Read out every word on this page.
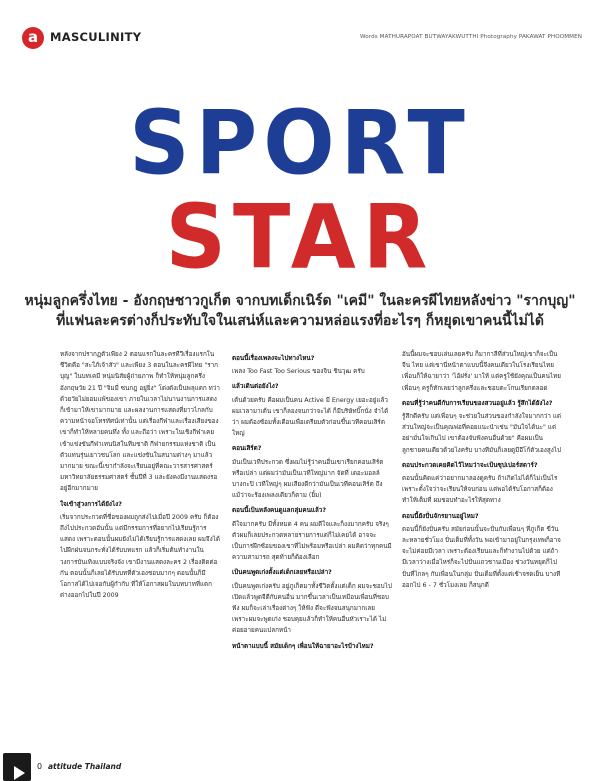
a	MASCULINITY	Words MATHURAPOAT BUTWAYAKWUTTHI Photography PAKAWAT PHOOMMEN
SPORT
STAR
หนุ่มลูกครึ่งไทย - อังกฤษชาวกูเก็ต จากบทเด็กเนิร์ด "เคมี" ในละครผีไทยหลังข่าว "รากบุญ"
ที่แฟนละครต่างก็ประทับใจในเสน่ห์และความหล่อแรงที่อะไรๆ ก็หยุดเขาคนนี้ไม่ได้

หลังจากปรากฏตัวเพียง 2 ตอนแรกในละครทีวีเรื่องแรกในชีวิตคือ "สะใภ้เจ้าสัว" และเพียง 3 ตอนในละครผีไทย "รากบุญ" ในบทเคมี หนุ่มนิสัยผู้ถ่ายภาพ ก็ทำให้หนุ่มลูกครึ่งอังกฤษวัย 21 ปี "จิมมี่ ซนกฎ อยู่ยิ่ง" โด่งดังเป็นพลุแตก ทว่าด้วยวัยไม่ยอมแพ้ของเขา ภายในเวลาไม่นานงานการแสดงก็เข้ามาให้เขามากมาย และผลงานการแสดงที่ยาวไกลกับความหน้าจอโทรทัศน์เท่านั้น แต่เรื่องกีฬาและเรื่องเสียงของเขาก็ทำให้หลายคนทึ่ง ทั้ง และถือว่า เพราะในเชิงกีฬาเคยเข้าแข่งขันกีฬาเทนนิสในทีมชาติ กีฬายกรรมแห่งชาติ เป็นตัวแทนรุ่นเยาวชนโลก และแข่งขันในสนามต่างๆ มาแล้วมากมาย ขณะนี้เขากำลังจะเรียนอยู่ที่คณะวารสารศาสตร์ มหาวิทยาลัยธรรมศาสตร์ ชั้นปีที่ 3 และยังคงมีงานแสดงรออยู่อีกมากมาย

ใจเข้าสู่วงการได้ยังไง?

เริ่มจากประกวดที่ชื่อของผมถูกส่งไปเมื่อปี 2009 ครับ ก็ต้องถึงไปประกวดอันนั้น แต่มีกรรมการที่อยากไปเรียนรู้การแสดง เพราะตอนนั้นผมยังไม่ได้เรียนรู้การแสดงเลย ผมจึงได้ไปฝึกฝนจนกระทั่งได้รับบทแรก แล้วก็เริ่มต้นทำงานในวงการบันเทิงแบบจริงจัง เขามีงานแสดงละคร 2 เรื่องติดต่อกัน ตอนนั้นก็เลยได้รับบทที่ตัวเองชอบมากๆ ตอนนั้นก็มีโอกาสได้ไปเจอกับผู้กำกับ ที่ให้โอกาสผมในบทบาทที่แตกต่างออกไปในปี 2009

ตอนนี้เรื่องเพลงจะไปทางไหน?

เพลง Too Fast Too Serious ของจิน ชินวุฒ ครับ

แล้วเดินต่อยังไง?

เต้นด้วยครับ คือผมเป็นคน Active มี Energy เยอะอยู่แล้ว ผมเวลามาเต้น เขาก็ลองจนกว่าจะได้ ก็มีบริษัทบิ๊กนั่ง จำได้ว่า ผมต้องซ้อมทั้งเดือนเพื่อเตรียมตัวก่อนขึ้นเวทีคอนเสิร์ตใหญ่

คอนเสิร์ต?

มันเป็นเวทีประกวด ซึ่งผมไม่รู้ว่าคนอื่นเขาเรียกคอนเสิร์ตหรือเปล่า แต่ผมว่ามันเป็นเวทีใหญ่มาก จัดที่ เดอะมอลล์ บางกะปิ เวทีใหญ่ๆ ผมเสียงดีกว่ามันเป็นเวทีคอนเสิร์ต ถึงแม้ว่าจะร้องเพลงเดียวก็ตาม (ยิ้ม)

ตอนนี้เป็นหลังคนดูแลกลุ่มคนแล้ว?

ดีใจมากครับ มีทั้งหมด 4 คน ผมดีใจและก็งงมากครับ จริงๆ ตัวผมก็เลยประกวดหลายรายการแต่ก็ไม่เคยได้ อาจจะเป็นการฝึกซ้อมของเขาที่ไม่พร้อมหรือเปล่า ผมคิดว่าทุกคนมีความสามารถ สุดท้ายก็ต้องเลือก

เป็นคนพูดเก่งตั้งแต่เด็กเลยหรือเปล่า?

เป็นคนพูดเก่งครับ อยู่ภูเก็ตมาทั้งชีวิตตั้งแต่เด็ก ผมจะชอบไปเปิดแล้วพูดจีดีกับคนอื่น มากขึ้นเวลาเป็นเหมือนเพื่อนที่ชอบฟัง ผมก็จะเล่าเรื่องต่างๆ ให้ฟัง ดีจะฟังจนสนุกมากเลย เพราะผมจะพูดเก่ง ชอบคุยแล้วก็ทำให้คนอื่นหัวเราะได้ ไม่ค่อยอายคนแปลกหน้า

หน้าตาแบบนี้ สมัยเด็กๆ เพื่อนให้ฉายาอะไรบ้างไหม?

อันนี้ผมจะชอบเล่นเลยครับ ก็มากาลีที่ส่วนใหญ่เขาก็จะเป็นจีน ไทย แต่เขานี่หน้าตาแบบนี้จึงคนเดียวในโรงเรียนไทย เพื่อนก็ให้ฉายาว่า 'ไอ้ฝรั่ง' มาให้ แต่ครูใช้ยังคุณเป็นคนไทย เพื่อนๆ ครูก็ทักเลยว่าลูกครึ่งและชอบตะโกนเรียกตลอด

ตอนที่รู้ว่าคนดีกับการเรียนของสวนอยู่แล้ว รู้สึกได้ยังไง?

รู้สึกดีครับ แต่เพื่อนๆ จะช่วยในส่วนของกำลังใจมากกว่า แต่ส่วนใหญ่จะเป็นคุณพ่อที่คอยแนะนำเช่น "มันใจได้นะ" แต่อย่ามั่นใจเกินไป เขาต้องจับฟังคนอื่นด้วย" คือผมเป็นลูกชายคนเดียวด้วยไงครับ บางทีมันก็เลยดูมีอีโก้ตัวเองสูงไป

ตอนประกวดเคยคิดไว้ไหมว่าจะเป็นซุปเปอร์สตาร์?

ตอนนั้นคิดแค่ว่าอยากมาลองดูครับ ถ้าเกิดไม่ได้ก็ไม่เป็นไรเพราะตั้งใจว่าจะเรียนให้จบก่อน แต่พอได้รับโอกาสก็ต้องทำให้เต็มที่ ผมชอบทำอะไรให้สุดทาง

ตอนนี้ยังปั่นจักรยานอยู่ไหม?

ตอนนี้ก็ยังปั่นครับ สมัยก่อนนั้นจะปั่นกับเพื่อนๆ ที่ภูเก็ต ขี่วันละหลายชั่วโมง ปั่นเต็มที่ทั้งวัน พอเข้ามาอยู่ในกรุงเทพก็อาจจะไม่ค่อยมีเวลา เพราะต้องเรียนและก็ทำงานไปด้วย แต่ถ้ามีเวลาว่างเมื่อไหร่ก็จะไปปั่นแถวชานเมือง ช่วงวันหยุดก็ไปปั่นที่ไกลๆ กับเพื่อนในกลุ่ม ปั่นเต็มที่ตั้งแต่เช้าจรดเย็น บางทีออกไป 6 - 7 ชั่วโมงเลย ก็สนุกดี

0 attitude Thailand
